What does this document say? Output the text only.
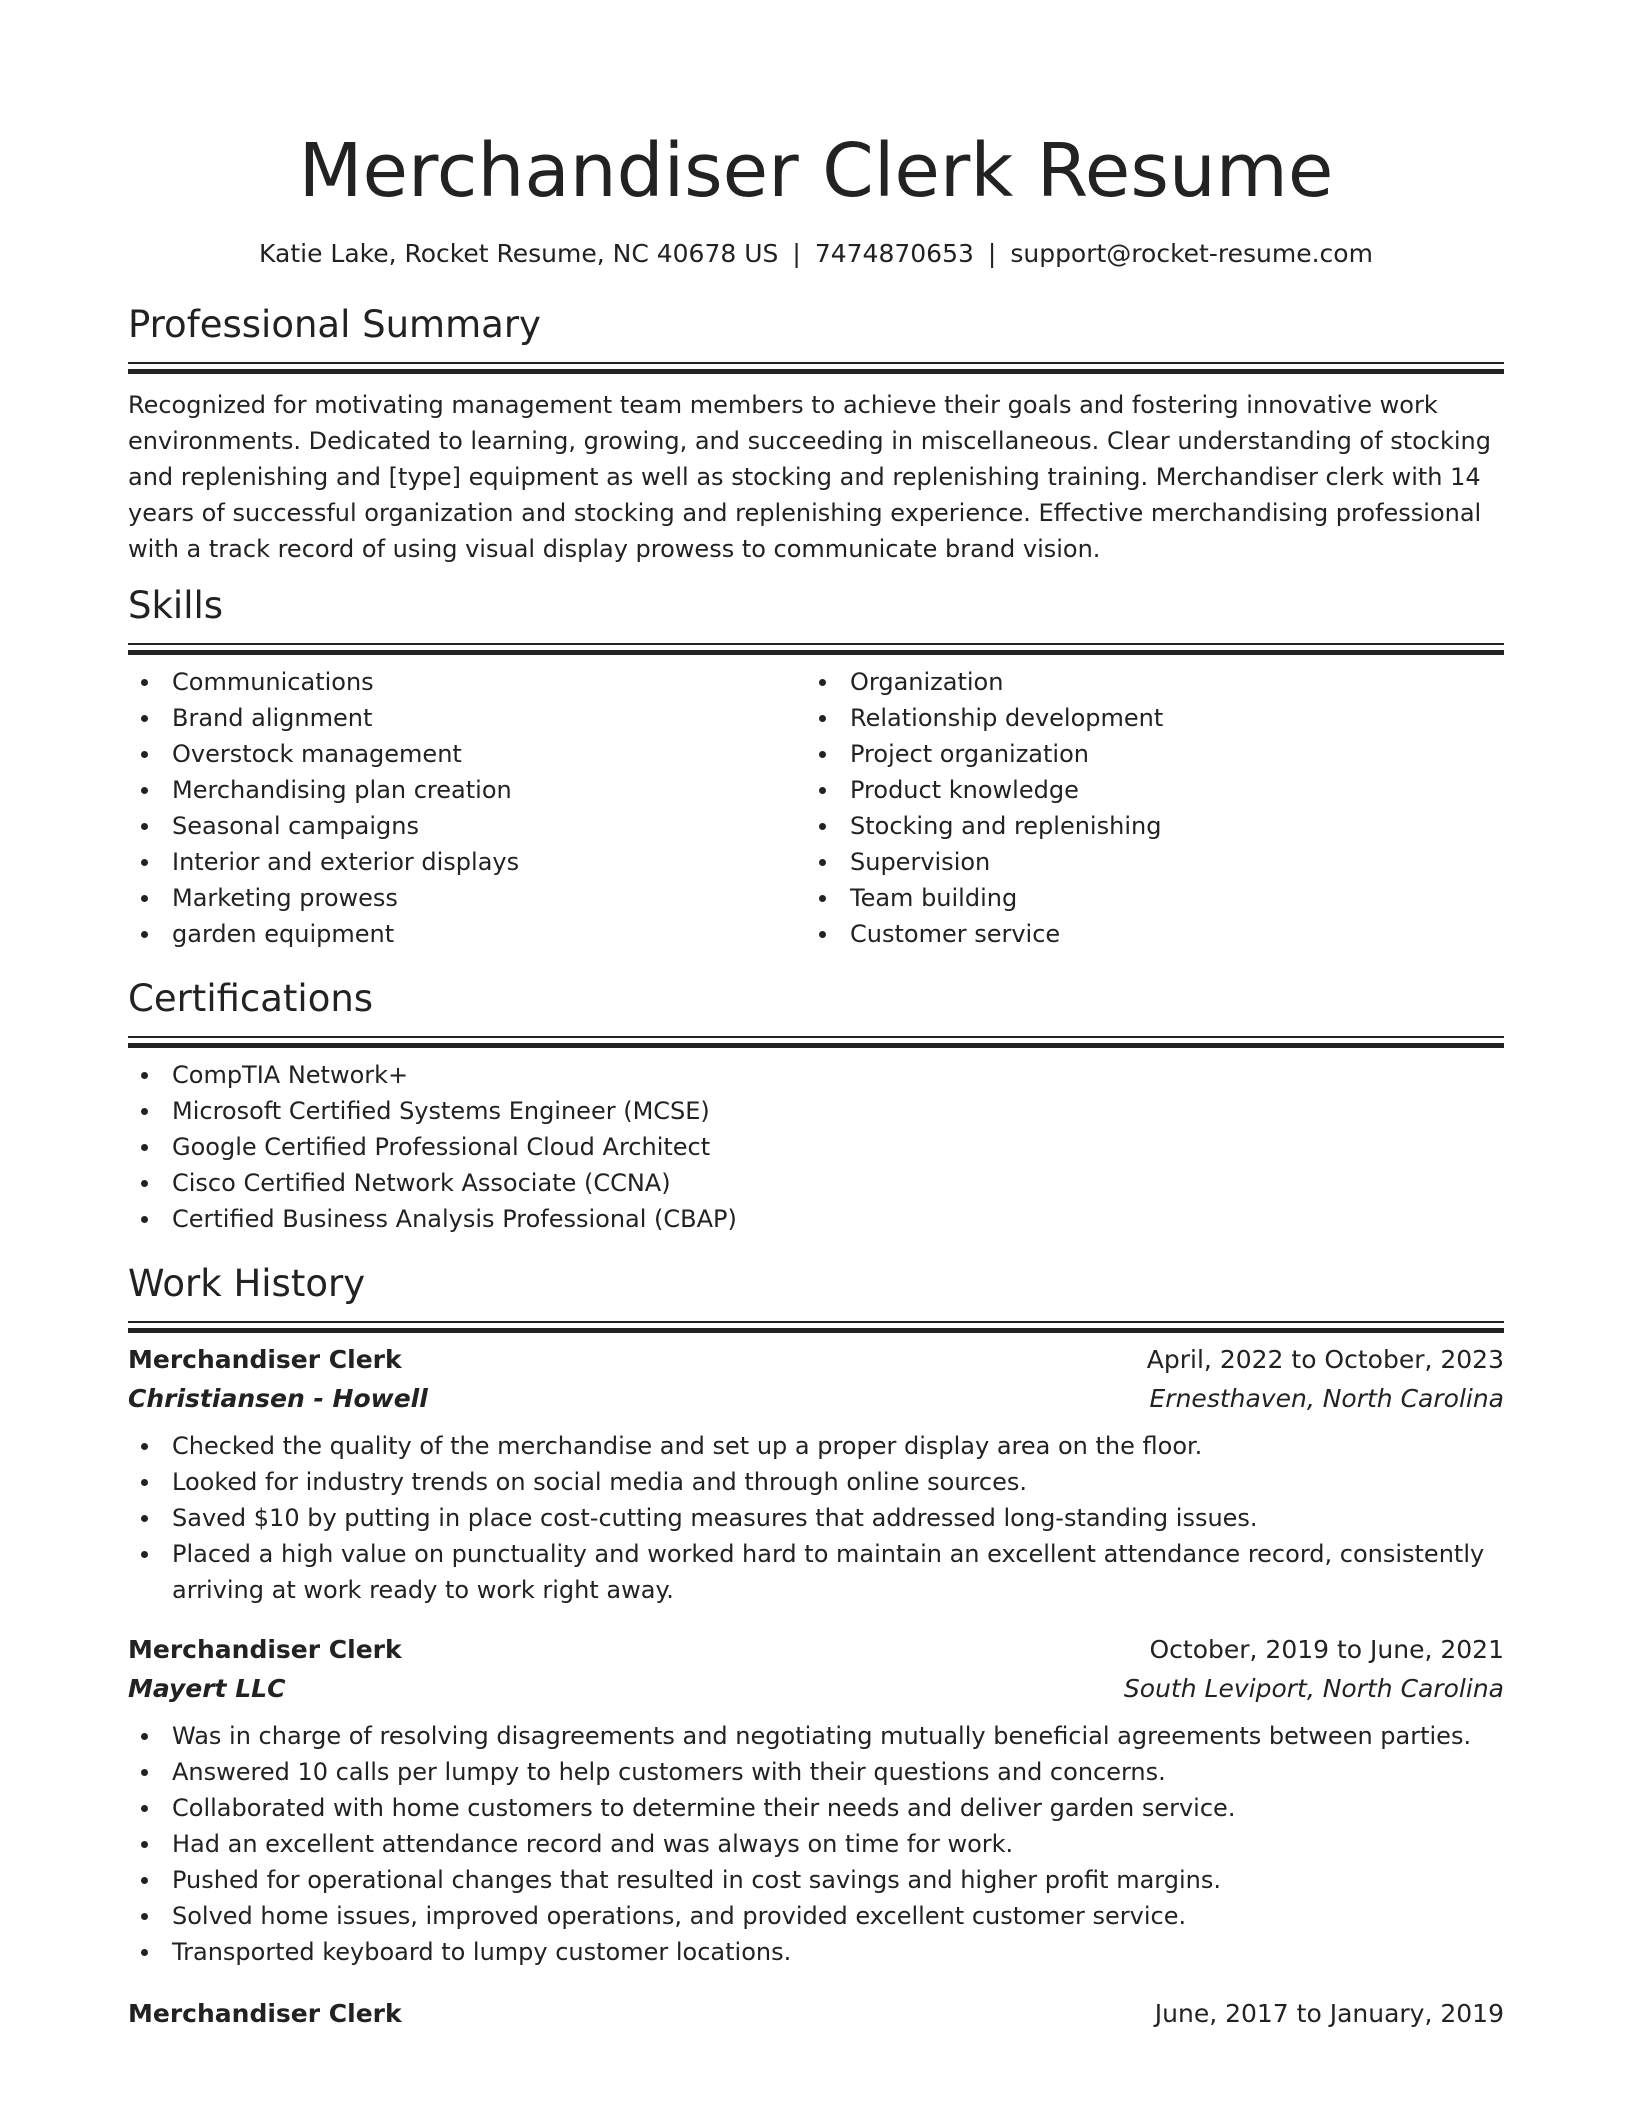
Merchandiser Clerk Resume
Katie Lake, Rocket Resume, NC 40678 US | 7474870653 | support@rocket-resume.com
Professional Summary

Recognized for motivating management team members to achieve their goals and fostering innovative work environments. Dedicated to learning, growing, and succeeding in miscellaneous. Clear understanding of stocking and replenishing and [type] equipment as well as stocking and replenishing training. Merchandiser clerk with 14 years of successful organization and stocking and replenishing experience. Effective merchandising professional with a track record of using visual display prowess to communicate brand vision.

Skills
Communications
Brand alignment
Overstock management
Merchandising plan creation
Seasonal campaigns
Interior and exterior displays
Marketing prowess
garden equipment
Organization
Relationship development
Project organization
Product knowledge
Stocking and replenishing
Supervision
Team building
Customer service
Certifications
CompTIA Network+
Microsoft Certified Systems Engineer (MCSE)
Google Certified Professional Cloud Architect
Cisco Certified Network Associate (CCNA)
Certified Business Analysis Professional (CBAP)
Work History
Merchandiser Clerk	April, 2022 to October, 2023
Christiansen - Howell	Ernesthaven, North Carolina
Checked the quality of the merchandise and set up a proper display area on the floor.
Looked for industry trends on social media and through online sources.
Saved $10 by putting in place cost-cutting measures that addressed long-standing issues.
Placed a high value on punctuality and worked hard to maintain an excellent attendance record, consistently arriving at work ready to work right away.
Merchandiser Clerk	October, 2019 to June, 2021
Mayert LLC	South Leviport, North Carolina
Was in charge of resolving disagreements and negotiating mutually beneficial agreements between parties.
Answered 10 calls per lumpy to help customers with their questions and concerns.
Collaborated with home customers to determine their needs and deliver garden service.
Had an excellent attendance record and was always on time for work.
Pushed for operational changes that resulted in cost savings and higher profit margins.
Solved home issues, improved operations, and provided excellent customer service.
Transported keyboard to lumpy customer locations.
Merchandiser Clerk	June, 2017 to January, 2019
